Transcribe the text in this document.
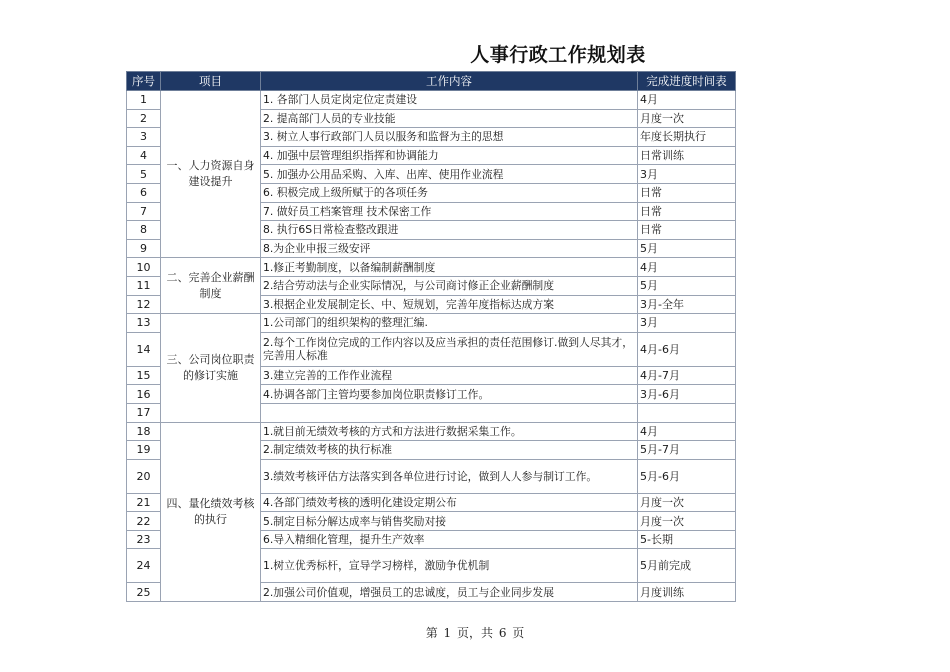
人事行政工作规划表
序号	项目	工作内容	完成进度时间表
1	一、人力资源自身建设提升	1. 各部门人员定岗定位定责建设	4月
2		2. 提高部门人员的专业技能	月度一次
3		3. 树立人事行政部门人员以服务和监督为主的思想	年度长期执行
4		4. 加强中层管理组织指挥和协调能力	日常训练
5		5. 加强办公用品采购、入库、出库、使用作业流程	3月
6		6. 积极完成上级所赋于的各项任务	日常
7		7. 做好员工档案管理 技术保密工作	日常
8		8. 执行6S日常检查整改跟进	日常
9		8.为企业申报三级安评	5月
10	二、完善企业薪酬制度	1.修正考勤制度，以备编制薪酬制度	4月
11		2.结合劳动法与企业实际情况，与公司商讨修正企业薪酬制度	5月
12		3.根据企业发展制定长、中、短规划，完善年度指标达成方案	3月-全年
13	三、公司岗位职责的修订实施	1.公司部门的组织架构的整理汇编.	3月
14		2.每个工作岗位完成的工作内容以及应当承担的责任范围修订.做到人尽其才，完善用人标准	4月-6月
15		3.建立完善的工作作业流程	4月-7月
16		4.协调各部门主管均要参加岗位职责修订工作。	3月-6月
17			
18	四、量化绩效考核的执行	1.就目前无绩效考核的方式和方法进行数据采集工作。	4月
19		2.制定绩效考核的执行标准	5月-7月
20		3.绩效考核评估方法落实到各单位进行讨论，做到人人参与制订工作。	5月-6月
21		4.各部门绩效考核的透明化建设定期公布	月度一次
22		5.制定目标分解达成率与销售奖励对接	月度一次
23		6.导入精细化管理，提升生产效率	5-长期
24		1.树立优秀标杆，宣导学习榜样，激励争优机制	5月前完成
25		2.加强公司价值观，增强员工的忠诚度，员工与企业同步发展	月度训练
第 1 页，共 6 页
